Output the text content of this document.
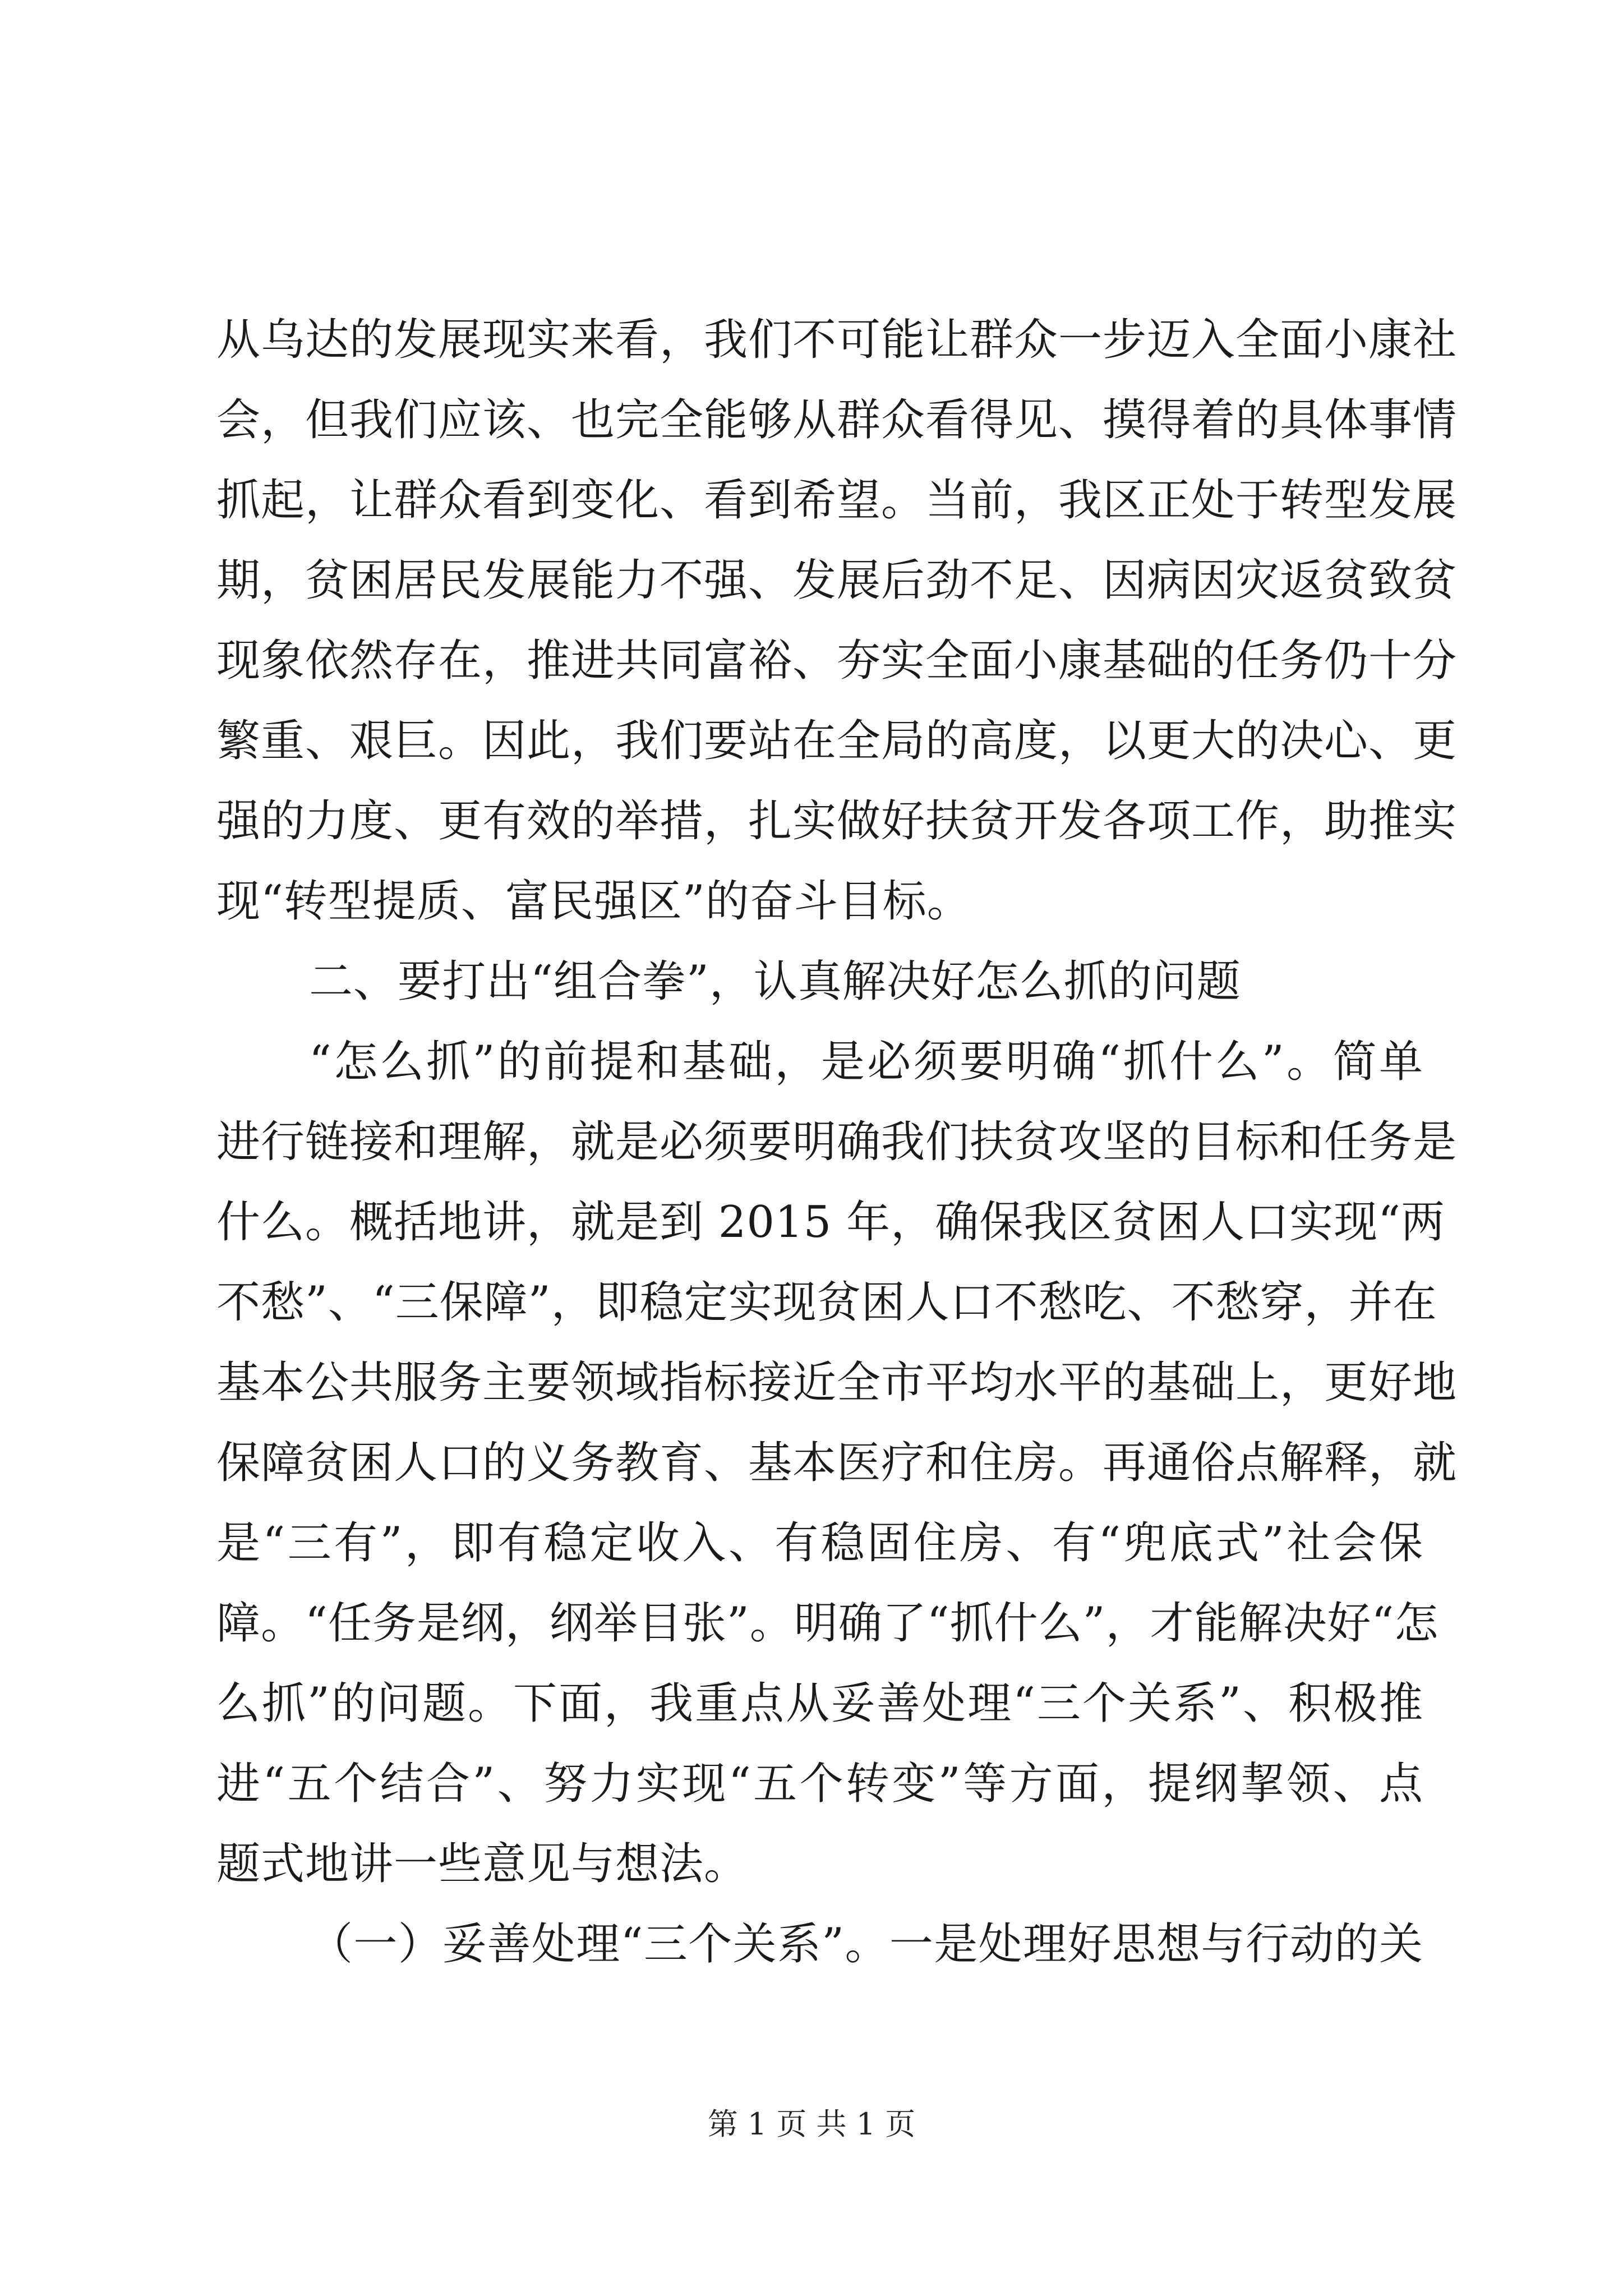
从乌达的发展现实来看，我们不可能让群众一步迈入全面小康社
会，但我们应该、也完全能够从群众看得见、摸得着的具体事情
抓起，让群众看到变化、看到希望。当前，我区正处于转型发展
期，贫困居民发展能力不强、发展后劲不足、因病因灾返贫致贫
现象依然存在，推进共同富裕、夯实全面小康基础的任务仍十分
繁重、艰巨。因此，我们要站在全局的高度，以更大的决心、更
强的力度、更有效的举措，扎实做好扶贫开发各项工作，助推实
现“转型提质、富民强区”的奋斗目标。
二、要打出“组合拳”，认真解决好怎么抓的问题
“怎么抓”的前提和基础，是必须要明确“抓什么”。简单
进行链接和理解，就是必须要明确我们扶贫攻坚的目标和任务是
什么。概括地讲，就是到 2015 年，确保我区贫困人口实现“两
不愁”、“三保障”，即稳定实现贫困人口不愁吃、不愁穿，并在
基本公共服务主要领域指标接近全市平均水平的基础上，更好地
保障贫困人口的义务教育、基本医疗和住房。再通俗点解释，就
是“三有”，即有稳定收入、有稳固住房、有“兜底式”社会保
障。“任务是纲，纲举目张”。明确了“抓什么”，才能解决好“怎
么抓”的问题。下面，我重点从妥善处理“三个关系”、积极推
进“五个结合”、努力实现“五个转变”等方面，提纲挈领、点
题式地讲一些意见与想法。
（一）妥善处理“三个关系”。一是处理好思想与行动的关
第 1 页 共 1 页
